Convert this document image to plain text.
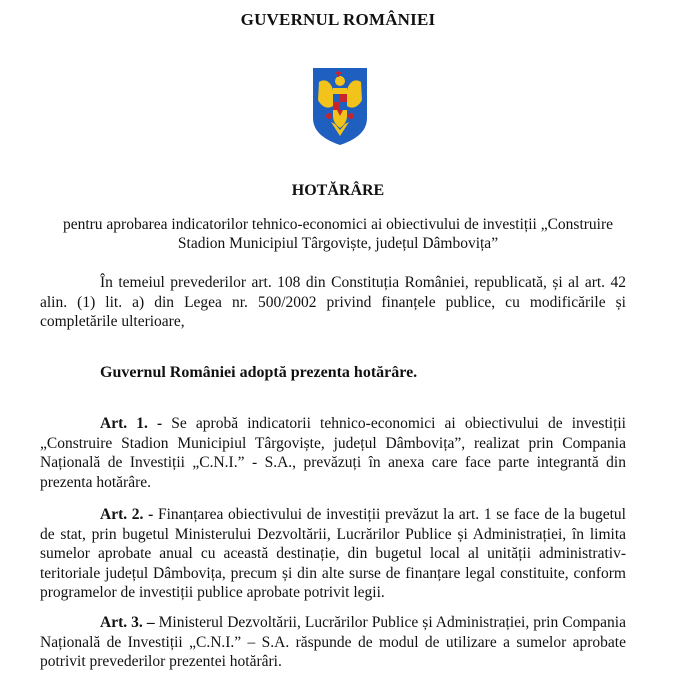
GUVERNUL ROMÂNIEI
HOTĂRÂRE
pentru aprobarea indicatorilor tehnico-economici ai obiectivului de investiții „Construire Stadion Municipiul Târgoviște, județul Dâmbovița”
În temeiul prevederilor art. 108 din Constituția României, republicată, și al art. 42 alin. (1) lit. a) din Legea nr. 500/2002 privind finanțele publice, cu modificările și completările ulterioare,
Guvernul României adoptă prezenta hotărâre.
Art. 1. - Se aprobă indicatorii tehnico-economici ai obiectivului de investiții „Construire Stadion Municipiul Târgoviște, județul Dâmbovița”, realizat prin Compania Națională de Investiții „C.N.I.” - S.A., prevăzuți în anexa care face parte integrantă din prezenta hotărâre.
Art. 2. - Finanțarea obiectivului de investiții prevăzut la art. 1 se face de la bugetul de stat, prin bugetul Ministerului Dezvoltării, Lucrărilor Publice și Administrației, în limita sumelor aprobate anual cu această destinație, din bugetul local al unității administrativ-teritoriale județul Dâmbovița, precum și din alte surse de finanțare legal constituite, conform programelor de investiții publice aprobate potrivit legii.
Art. 3. – Ministerul Dezvoltării, Lucrărilor Publice și Administrației, prin Compania Națională de Investiții „C.N.I.” – S.A. răspunde de modul de utilizare a sumelor aprobate potrivit prevederilor prezentei hotărâri.
